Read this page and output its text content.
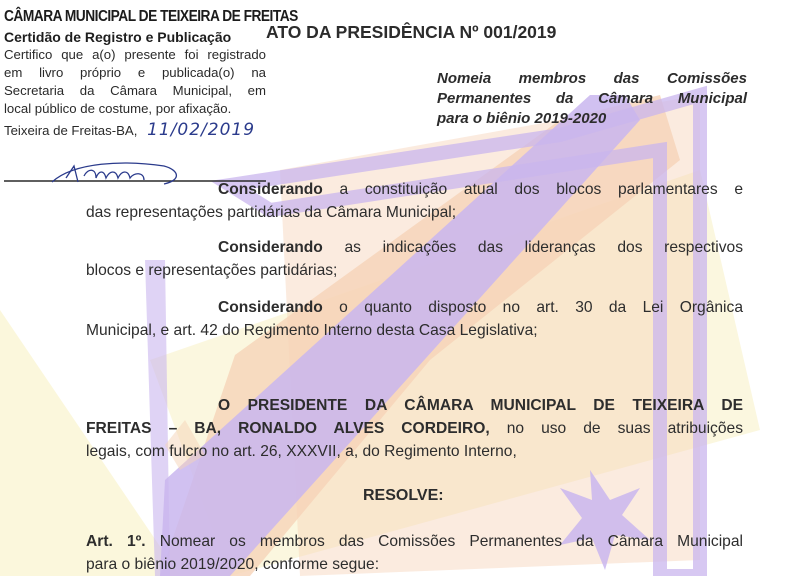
CÂMARA MUNICIPAL DE TEIXEIRA DE FREITAS
Certidão de Registro e Publicação
Certifico que a(o) presente foi registrado
em livro próprio e publicada(o) na
Secretaria da Câmara Municipal, em
local público de costume, por afixação.
Teixeira de Freitas-BA, 11/02/2019
ATO DA PRESIDÊNCIA Nº 001/2019
Nomeia membros das Comissões
Permanentes da Câmara Municipal
para o biênio 2019-2020
Considerando a constituição atual dos blocos parlamentares e
das representações partidárias da Câmara Municipal;
Considerando as indicações das lideranças dos respectivos
blocos e representações partidárias;
Considerando o quanto disposto no art. 30 da Lei Orgânica
Municipal, e art. 42 do Regimento Interno desta Casa Legislativa;
O PRESIDENTE DA CÂMARA MUNICIPAL DE TEIXEIRA DE
FREITAS – BA, RONALDO ALVES CORDEIRO, no uso de suas atribuições
legais, com fulcro no art. 26, XXXVII, a, do Regimento Interno,
RESOLVE:
Art. 1º. Nomear os membros das Comissões Permanentes da Câmara Municipal
para o biênio 2019/2020, conforme segue:
